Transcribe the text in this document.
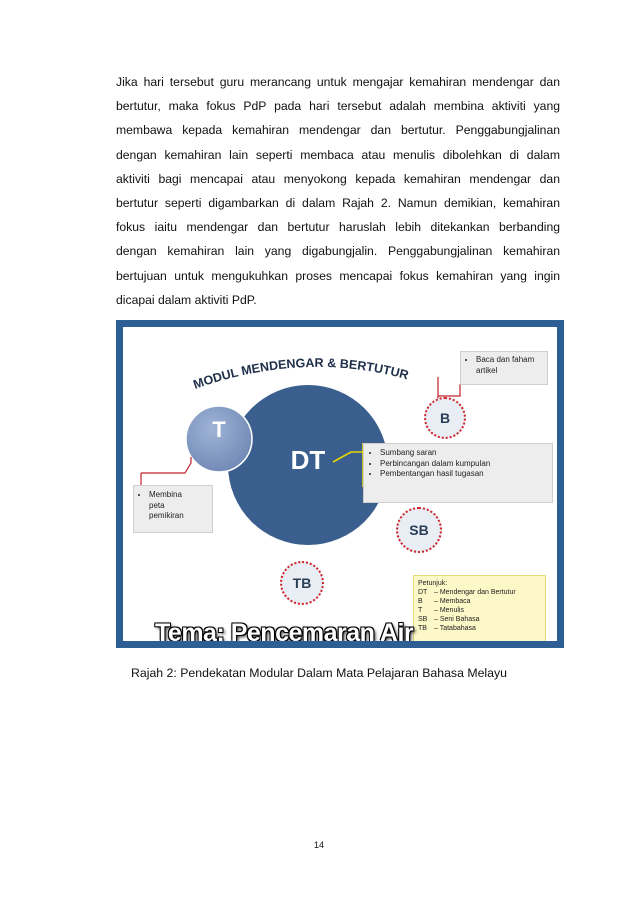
Jika hari tersebut guru merancang untuk mengajar kemahiran mendengar dan
bertutur, maka fokus PdP pada hari tersebut adalah membina aktiviti yang
membawa kepada kemahiran mendengar dan bertutur. Penggabungjalinan
dengan kemahiran lain seperti membaca atau menulis dibolehkan di dalam
aktiviti bagi mencapai atau menyokong kepada kemahiran mendengar dan
bertutur seperti digambarkan di dalam Rajah 2. Namun demikian, kemahiran
fokus iaitu mendengar dan bertutur haruslah lebih ditekankan berbanding
dengan kemahiran lain yang digabungjalin. Penggabungjalinan kemahiran
bertujuan untuk mengukuhkan proses mencapai fokus kemahiran yang ingin
dicapai dalam aktiviti PdP.
MODUL MENDENGAR & BERTUTUR
DT
T	B
SB
TB
• Baca dan faham artikel
• Sumbang saran
• Perbincangan dalam kumpulan
• Pembentangan hasil tugasan
• Membina peta pemikiran
Petunjuk:
DT – Mendengar dan Bertutur
B	– Membaca
T	– Menulis
SB – Seni Bahasa
TB	– Tatabahasa
Tema: Pencemaran Air
Rajah 2: Pendekatan Modular Dalam Mata Pelajaran Bahasa Melayu
14
